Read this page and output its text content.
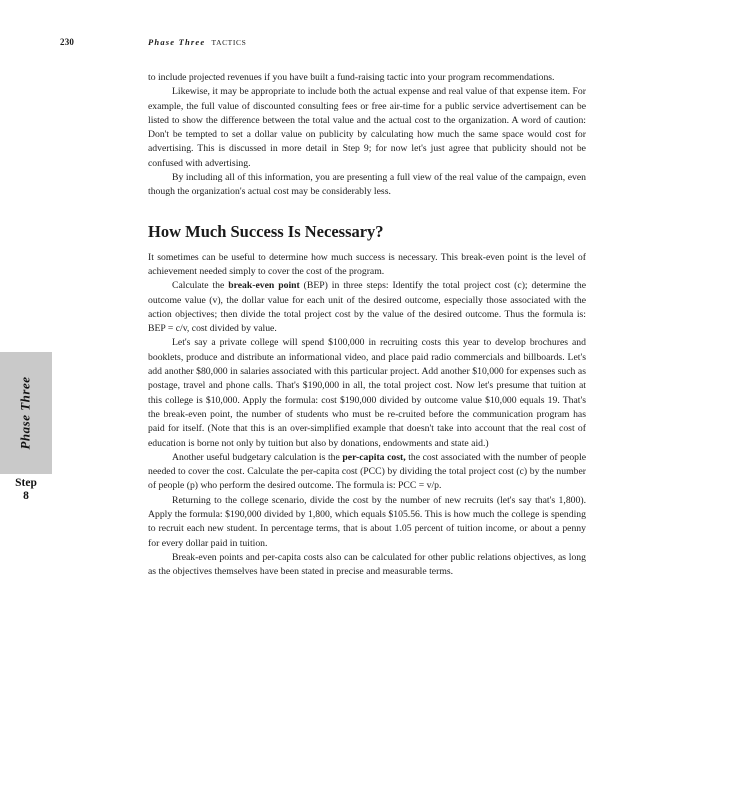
230	Phase Three TACTICS
Phase Three
Step
8

to include projected revenues if you have built a fund-raising tactic into your program recommendations.

Likewise, it may be appropriate to include both the actual expense and real value of that expense item. For example, the full value of discounted consulting fees or free air-time for a public service advertisement can be listed to show the difference between the total value and the actual cost to the organization. A word of caution: Don't be tempted to set a dollar value on publicity by calculating how much the same space would cost for advertising. This is discussed in more detail in Step 9; for now let's just agree that publicity should not be confused with advertising.

By including all of this information, you are presenting a full view of the real value of the campaign, even though the organization's actual cost may be considerably less.

How Much Success Is Necessary?

It sometimes can be useful to determine how much success is necessary. This break-even point is the level of achievement needed simply to cover the cost of the program.

Calculate the break-even point (BEP) in three steps: Identify the total project cost (c); determine the outcome value (v), the dollar value for each unit of the desired outcome, especially those associated with the action objectives; then divide the total project cost by the value of the desired outcome. Thus the formula is: BEP = c/v, cost divided by value.

Let's say a private college will spend $100,000 in recruiting costs this year to develop brochures and booklets, produce and distribute an informational video, and place paid radio commercials and billboards. Let's add another $80,000 in salaries associated with this particular project. Add another $10,000 for expenses such as postage, travel and phone calls. That's $190,000 in all, the total project cost. Now let's presume that tuition at this college is $10,000. Apply the formula: cost $190,000 divided by outcome value $10,000 equals 19. That's the break-even point, the number of students who must be re-cruited before the communication program has paid for itself. (Note that this is an over-simplified example that doesn't take into account that the real cost of education is borne not only by tuition but also by donations, endowments and state aid.)

Another useful budgetary calculation is the per-capita cost, the cost associated with the number of people needed to cover the cost. Calculate the per-capita cost (PCC) by dividing the total project cost (c) by the number of people (p) who perform the desired outcome. The formula is: PCC = v/p.

Returning to the college scenario, divide the cost by the number of new recruits (let's say that's 1,800). Apply the formula: $190,000 divided by 1,800, which equals $105.56. This is how much the college is spending to recruit each new student. In percentage terms, that is about 1.05 percent of tuition income, or about a penny for every dollar paid in tuition.

Break-even points and per-capita costs also can be calculated for other public relations objectives, as long as the objectives themselves have been stated in precise and measurable terms.
